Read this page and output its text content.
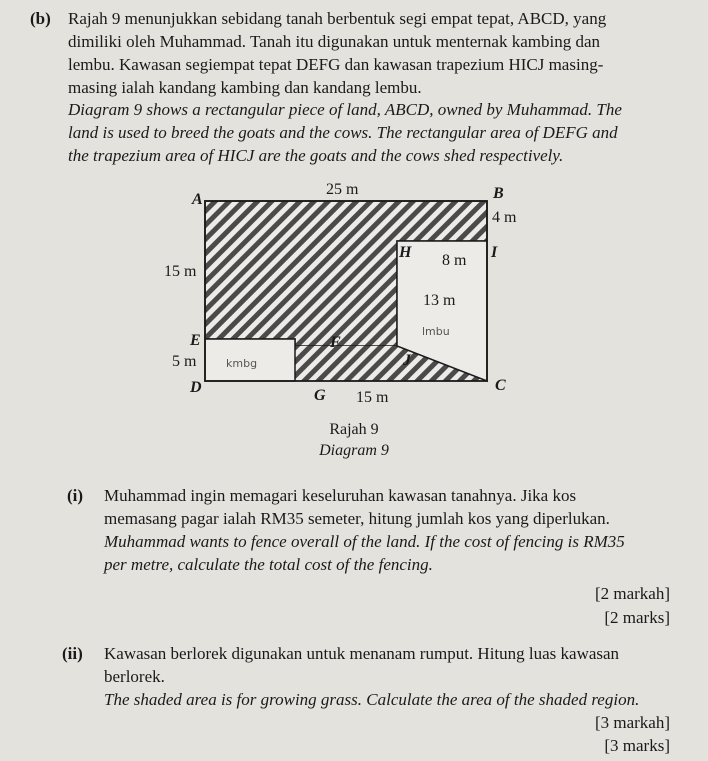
(b) Rajah 9 menunjukkan sebidang tanah berbentuk segi empat tepat, ABCD, yang
dimiliki oleh Muhammad. Tanah itu digunakan untuk menternak kambing dan
lembu. Kawasan segiempat tepat DEFG dan kawasan trapezium HICJ masing-
masing ialah kandang kambing dan kandang lembu.
Diagram 9 shows a rectangular piece of land, ABCD, owned by Muhammad. The
land is used to breed the goats and the cows. The rectangular area of DEFG and
the trapezium area of HICJ are the goats and the cows shed respectively.
A	B
C
D
E	F
G
H	I
J
25 m
4 m
8 m
15 m
13 m
5 m
15 m
kmbg
lmbu
Rajah 9
Diagram 9
(i) Muhammad ingin memagari keseluruhan kawasan tanahnya. Jika kos
memasang pagar ialah RM35 semeter, hitung jumlah kos yang diperlukan.
Muhammad wants to fence overall of the land. If the cost of fencing is RM35
per metre, calculate the total cost of the fencing.
[2 markah]
[2 marks]
(ii) Kawasan berlorek digunakan untuk menanam rumput. Hitung luas kawasan
berlorek.
The shaded area is for growing grass. Calculate the area of the shaded region.
[3 markah]
[3 marks]
